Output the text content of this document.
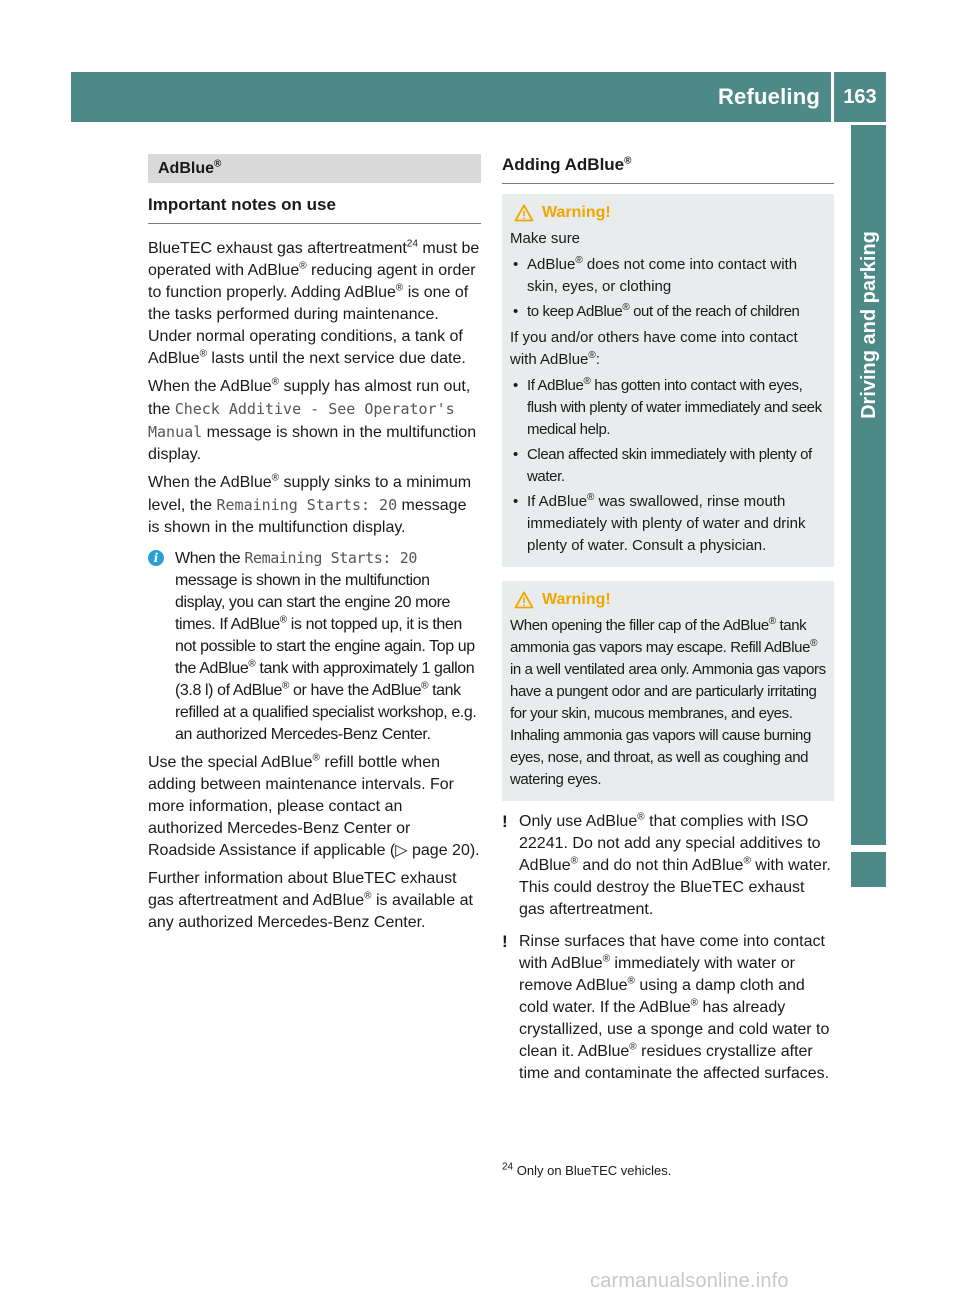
Refueling	163
Driving and parking
AdBlue®
Important notes on use

BlueTEC exhaust gas aftertreatment$^{24}$ must be operated with AdBlue® reducing agent in order to function properly. Adding AdBlue® is one of the tasks performed during maintenance. Under normal operating conditions, a tank of AdBlue® lasts until the next service due date.

When the AdBlue® supply has almost run out, the Check Additive - See Operator's Manual message is shown in the multifunction display.

When the AdBlue® supply sinks to a minimum level, the Remaining Starts: 20 message is shown in the multifunction display.

i	When the Remaining Starts: 20 message is shown in the multifunction display, you can start the engine 20 more times. If AdBlue® is not topped up, it is then not possible to start the engine again. Top up the AdBlue® tank with approximately 1 gallon (3.8 l) of AdBlue® or have the AdBlue® tank refilled at a qualified specialist workshop, e.g. an authorized Mercedes-Benz Center.

Use the special AdBlue® refill bottle when adding between maintenance intervals. For more information, please contact an authorized Mercedes-Benz Center or Roadside Assistance if applicable (▷ page 20).

Further information about BlueTEC exhaust gas aftertreatment and AdBlue® is available at any authorized Mercedes-Benz Center.

Adding AdBlue®
Warning!

Make sure

• AdBlue® does not come into contact with skin, eyes, or clothing
• to keep AdBlue® out of the reach of children

If you and/or others have come into contact with AdBlue®:

• If AdBlue® has gotten into contact with eyes, flush with plenty of water immediately and seek medical help.
• Clean affected skin immediately with plenty of water.
• If AdBlue® was swallowed, rinse mouth immediately with plenty of water and drink plenty of water. Consult a physician.
Warning!

When opening the filler cap of the AdBlue® tank ammonia gas vapors may escape. Refill AdBlue® in a well ventilated area only. Ammonia gas vapors have a pungent odor and are particularly irritating for your skin, mucous membranes, and eyes. Inhaling ammonia gas vapors will cause burning eyes, nose, and throat, as well as coughing and watering eyes.

! Only use AdBlue® that complies with ISO 22241. Do not add any special additives to AdBlue® and do not thin AdBlue® with water. This could destroy the BlueTEC exhaust gas aftertreatment.
! Rinse surfaces that have come into contact with AdBlue® immediately with water or remove AdBlue® using a damp cloth and cold water. If the AdBlue® has already crystallized, use a sponge and cold water to clean it. AdBlue® residues crystallize after time and contaminate the affected surfaces.
$^{24}$ Only on BlueTEC vehicles.
carmanualsonline.info
